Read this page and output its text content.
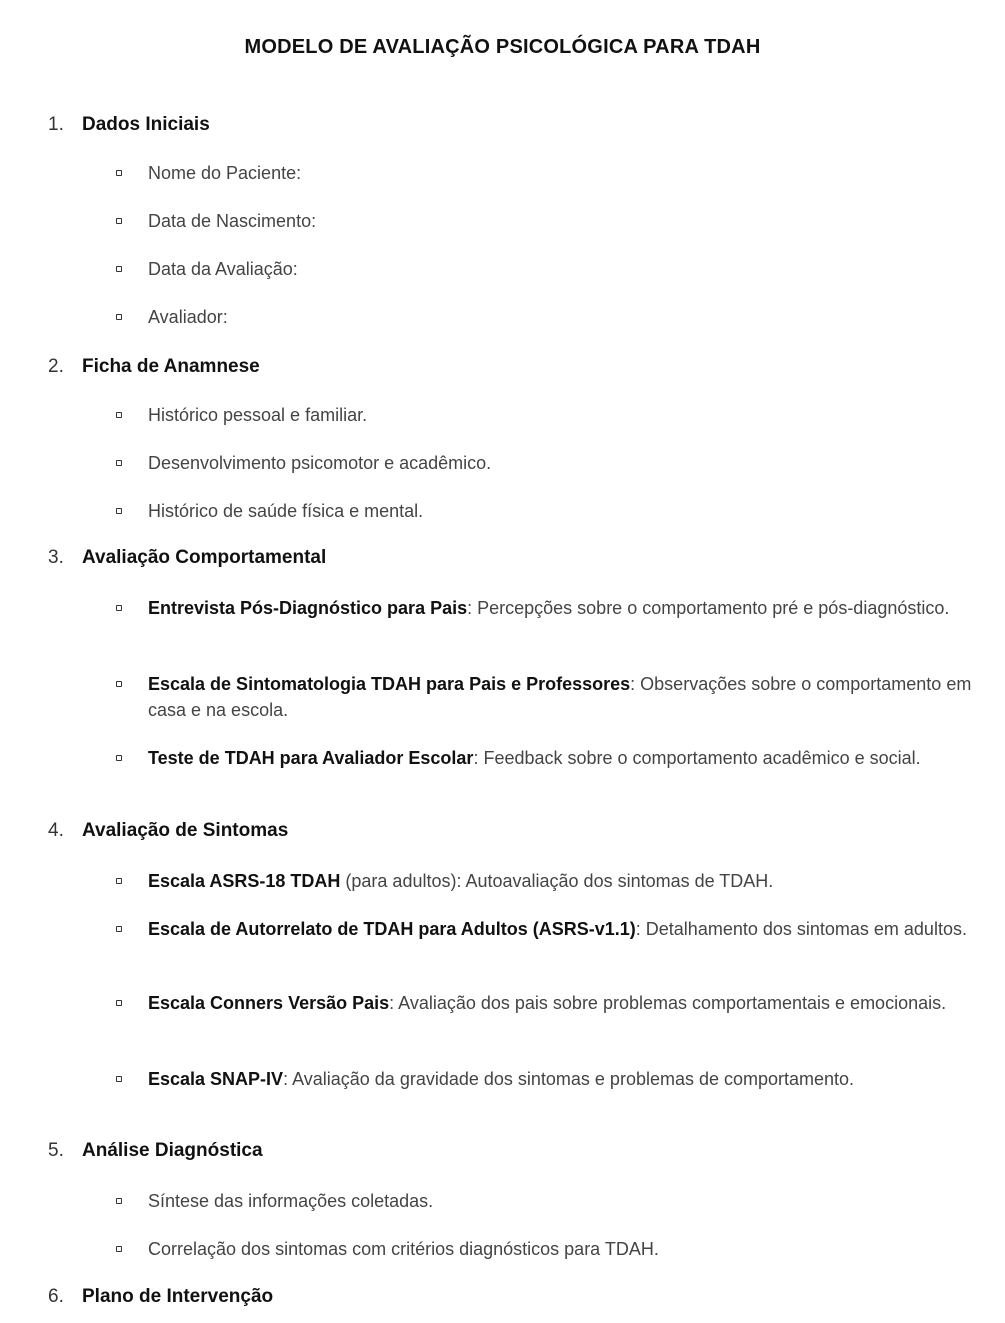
MODELO DE AVALIAÇÃO PSICOLÓGICA PARA TDAH
1. Dados Iniciais
Nome do Paciente:
Data de Nascimento:
Data da Avaliação:
Avaliador:
2. Ficha de Anamnese
Histórico pessoal e familiar.
Desenvolvimento psicomotor e acadêmico.
Histórico de saúde física e mental.
3. Avaliação Comportamental
Entrevista Pós-Diagnóstico para Pais: Percepções sobre o comportamento pré e pós-diagnóstico.
Escala de Sintomatologia TDAH para Pais e Professores: Observações sobre o comportamento em casa e na escola.
Teste de TDAH para Avaliador Escolar: Feedback sobre o comportamento acadêmico e social.
4. Avaliação de Sintomas
Escala ASRS-18 TDAH (para adultos): Autoavaliação dos sintomas de TDAH.
Escala de Autorrelato de TDAH para Adultos (ASRS-v1.1): Detalhamento dos sintomas em adultos.
Escala Conners Versão Pais: Avaliação dos pais sobre problemas comportamentais e emocionais.
Escala SNAP-IV: Avaliação da gravidade dos sintomas e problemas de comportamento.
5. Análise Diagnóstica
Síntese das informações coletadas.
Correlação dos sintomas com critérios diagnósticos para TDAH.
6. Plano de Intervenção
